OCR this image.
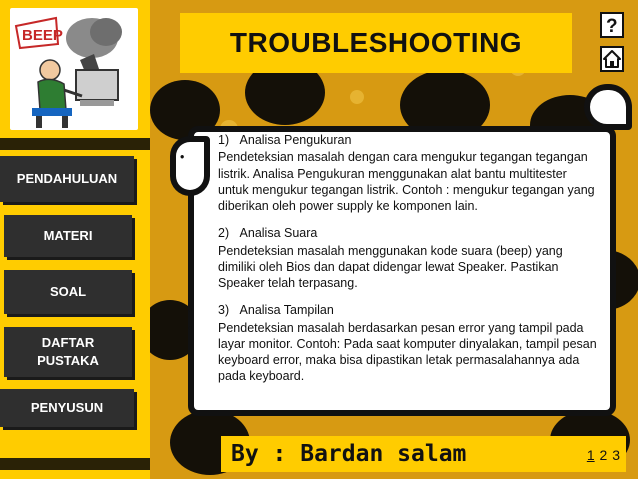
BEEP
PENDAHULUAN
MATERI
SOAL
DAFTAR PUSTAKA
PENYUSUN
TROUBLESHOOTING
?
1)   Analisa Pengukuran
•	Pendeteksian masalah dengan cara mengukur tegangan tegangan listrik. Analisa Pengukuran menggunakan alat bantu multitester untuk mengukur tegangan listrik. Contoh : mengukur tegangan yang diberikan oleh power supply ke komponen lain.
•	2)   Analisa Suara
•	Pendeteksian masalah menggunakan kode suara (beep) yang dimiliki oleh Bios dan dapat didengar lewat Speaker. Pastikan Speaker telah terpasang.
•	3)   Analisa Tampilan
•	Pendeteksian masalah berdasarkan pesan error yang tampil pada layar monitor. Contoh: Pada saat komputer dinyalakan, tampil pesan keyboard error, maka bisa dipastikan letak permasalahannya ada pada keyboard.
By : Bardan salam	1 2 3
